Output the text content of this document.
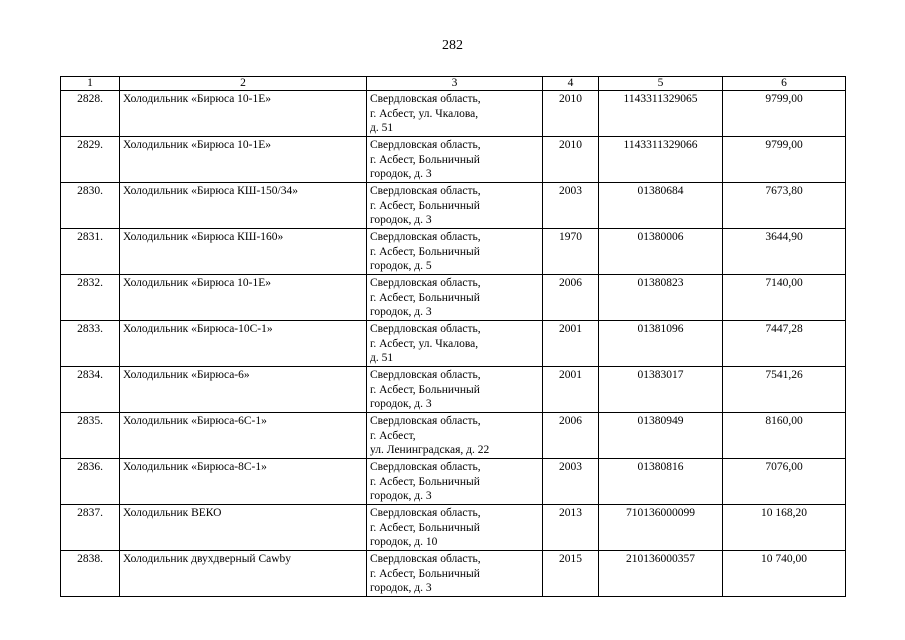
282
1	2	3	4	5	6
2828.	Холодильник «Бирюса 10-1Е»	Свердловская область,
г. Асбест, ул. Чкалова,
д. 51	2010	1143311329065	9799,00
2829.	Холодильник «Бирюса 10-1Е»	Свердловская область,
г. Асбест, Больничный
городок, д. 3	2010	1143311329066	9799,00
2830.	Холодильник «Бирюса КШ-150/34»	Свердловская область,
г. Асбест, Больничный
городок, д. 3	2003	01380684	7673,80
2831.	Холодильник «Бирюса КШ-160»	Свердловская область,
г. Асбест, Больничный
городок, д. 5	1970	01380006	3644,90
2832.	Холодильник «Бирюса 10-1Е»	Свердловская область,
г. Асбест, Больничный
городок, д. 3	2006	01380823	7140,00
2833.	Холодильник «Бирюса-10С-1»	Свердловская область,
г. Асбест, ул. Чкалова,
д. 51	2001	01381096	7447,28
2834.	Холодильник «Бирюса-6»	Свердловская область,
г. Асбест, Больничный
городок, д. 3	2001	01383017	7541,26
2835.	Холодильник «Бирюса-6С-1»	Свердловская область,
г. Асбест,
ул. Ленинградская, д. 22	2006	01380949	8160,00
2836.	Холодильник «Бирюса-8С-1»	Свердловская область,
г. Асбест, Больничный
городок, д. 3	2003	01380816	7076,00
2837.	Холодильник ВЕКО	Свердловская область,
г. Асбест, Больничный
городок, д. 10	2013	710136000099	10 168,20
2838.	Холодильник двухдверный Cawby	Свердловская область,
г. Асбест, Больничный
городок, д. 3	2015	210136000357	10 740,00
